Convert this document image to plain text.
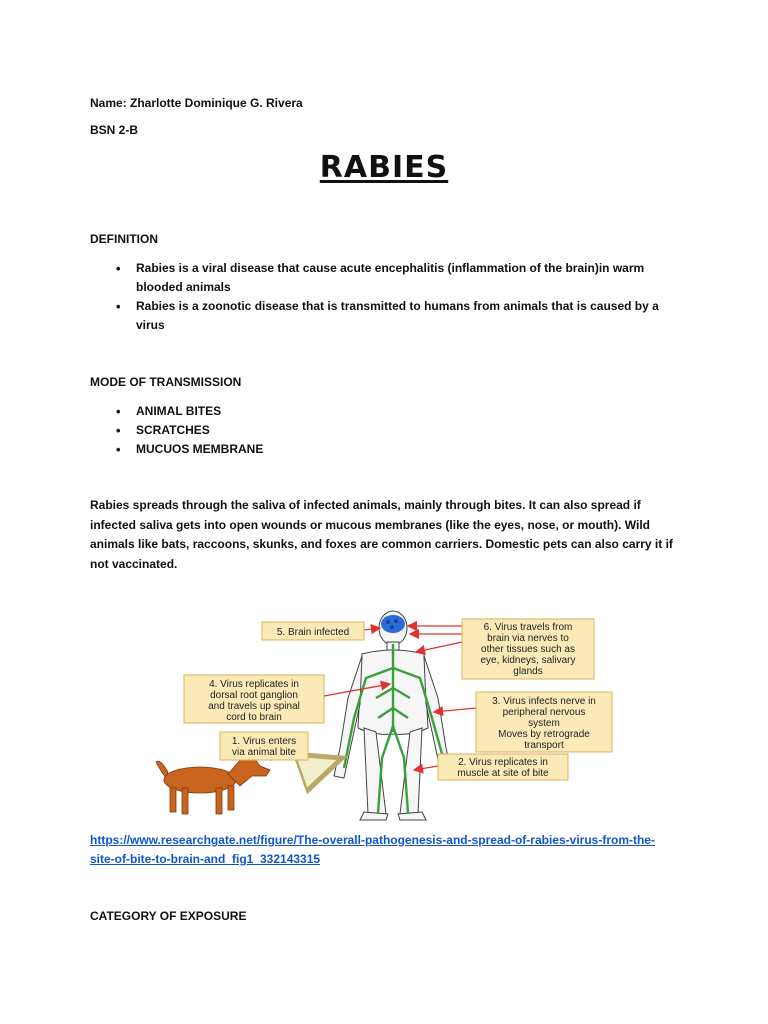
Name: Zharlotte Dominique G. Rivera
BSN 2-B
RABIES
DEFINITION
• Rabies is a viral disease that cause acute encephalitis (inflammation of the brain)in warm blooded animals
• Rabies is a zoonotic disease that is transmitted to humans from animals that is caused by a virus
MODE OF TRANSMISSION
• ANIMAL BITES
• SCRATCHES
• MUCUOS MEMBRANE
Rabies spreads through the saliva of infected animals, mainly through bites. It can also spread if infected saliva gets into open wounds or mucous membranes (like the eyes, nose, or mouth). Wild animals like bats, raccoons, skunks, and foxes are common carriers. Domestic pets can also carry it if not vaccinated.
5. Brain infected	6. Virus travels from
brain via nerves to
other tissues such as
eye, kidneys, salivary
glands
4. Virus replicates in
dorsal root ganglion
and travels up spinal
cord to brain
3. Virus infects nerve in
peripheral nervous
system
Moves by retrograde
transport
1. Virus enters
via animal bite
2. Virus replicates in
muscle at site of bite
https://www.researchgate.net/figure/The-overall-pathogenesis-and-spread-of-rabies-virus-from-the-
site-of-bite-to-brain-and_fig1_332143315
CATEGORY OF EXPOSURE
